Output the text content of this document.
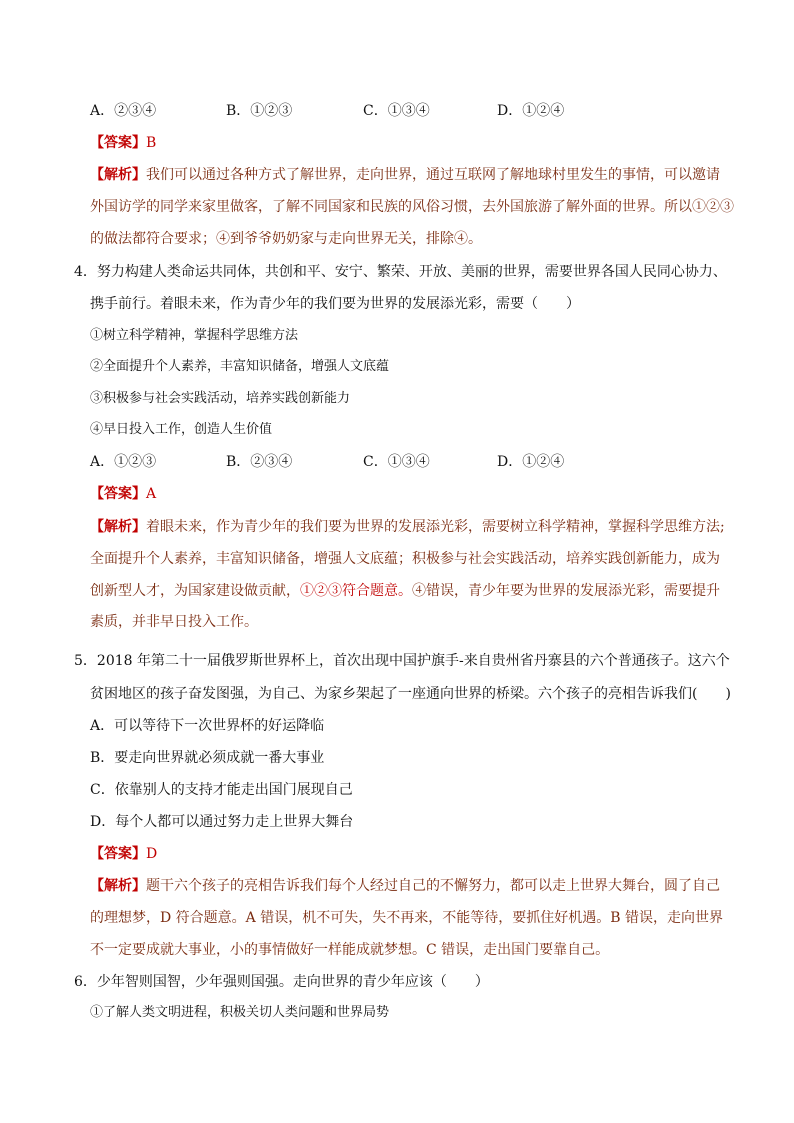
A．②③④	B．①②③	C．①③④	D．①②④
【答案】B
【解析】我们可以通过各种方式了解世界，走向世界，通过互联网了解地球村里发生的事情，可以邀请
外国访学的同学来家里做客，了解不同国家和民族的风俗习惯，去外国旅游了解外面的世界。所以①②③
的做法都符合要求；④到爷爷奶奶家与走向世界无关，排除④。
4．努力构建人类命运共同体，共创和平、安宁、繁荣、开放、美丽的世界，需要世界各国人民同心协力、
携手前行。着眼未来，作为青少年的我们要为世界的发展添光彩，需要（　　）
①树立科学精神，掌握科学思维方法
②全面提升个人素养，丰富知识储备，增强人文底蕴
③积极参与社会实践活动，培养实践创新能力
④早日投入工作，创造人生价值
A．①②③	B．②③④	C．①③④	D．①②④
【答案】A
【解析】着眼未来，作为青少年的我们要为世界的发展添光彩，需要树立科学精神，掌握科学思维方法;
全面提升个人素养，丰富知识储备，增强人文底蕴；积极参与社会实践活动，培养实践创新能力，成为
创新型人才，为国家建设做贡献，①②③符合题意。④错误，青少年要为世界的发展添光彩，需要提升
素质，并非早日投入工作。
5．2018 年第二十一届俄罗斯世界杯上，首次出现中国护旗手-来自贵州省丹寨县的六个普通孩子。这六个
贫困地区的孩子奋发图强，为自己、为家乡架起了一座通向世界的桥梁。六个孩子的亮相告诉我们(　　)
A．可以等待下一次世界杯的好运降临
B．要走向世界就必须成就一番大事业
C．依靠别人的支持才能走出国门展现自己
D．每个人都可以通过努力走上世界大舞台
【答案】D
【解析】题干六个孩子的亮相告诉我们每个人经过自己的不懈努力，都可以走上世界大舞台，圆了自己
的理想梦，D 符合题意。A 错误，机不可失，失不再来，不能等待，要抓住好机遇。B 错误，走向世界
不一定要成就大事业，小的事情做好一样能成就梦想。C 错误，走出国门要靠自己。
6．少年智则国智，少年强则国强。走向世界的青少年应该（　　）
①了解人类文明进程，积极关切人类问题和世界局势
